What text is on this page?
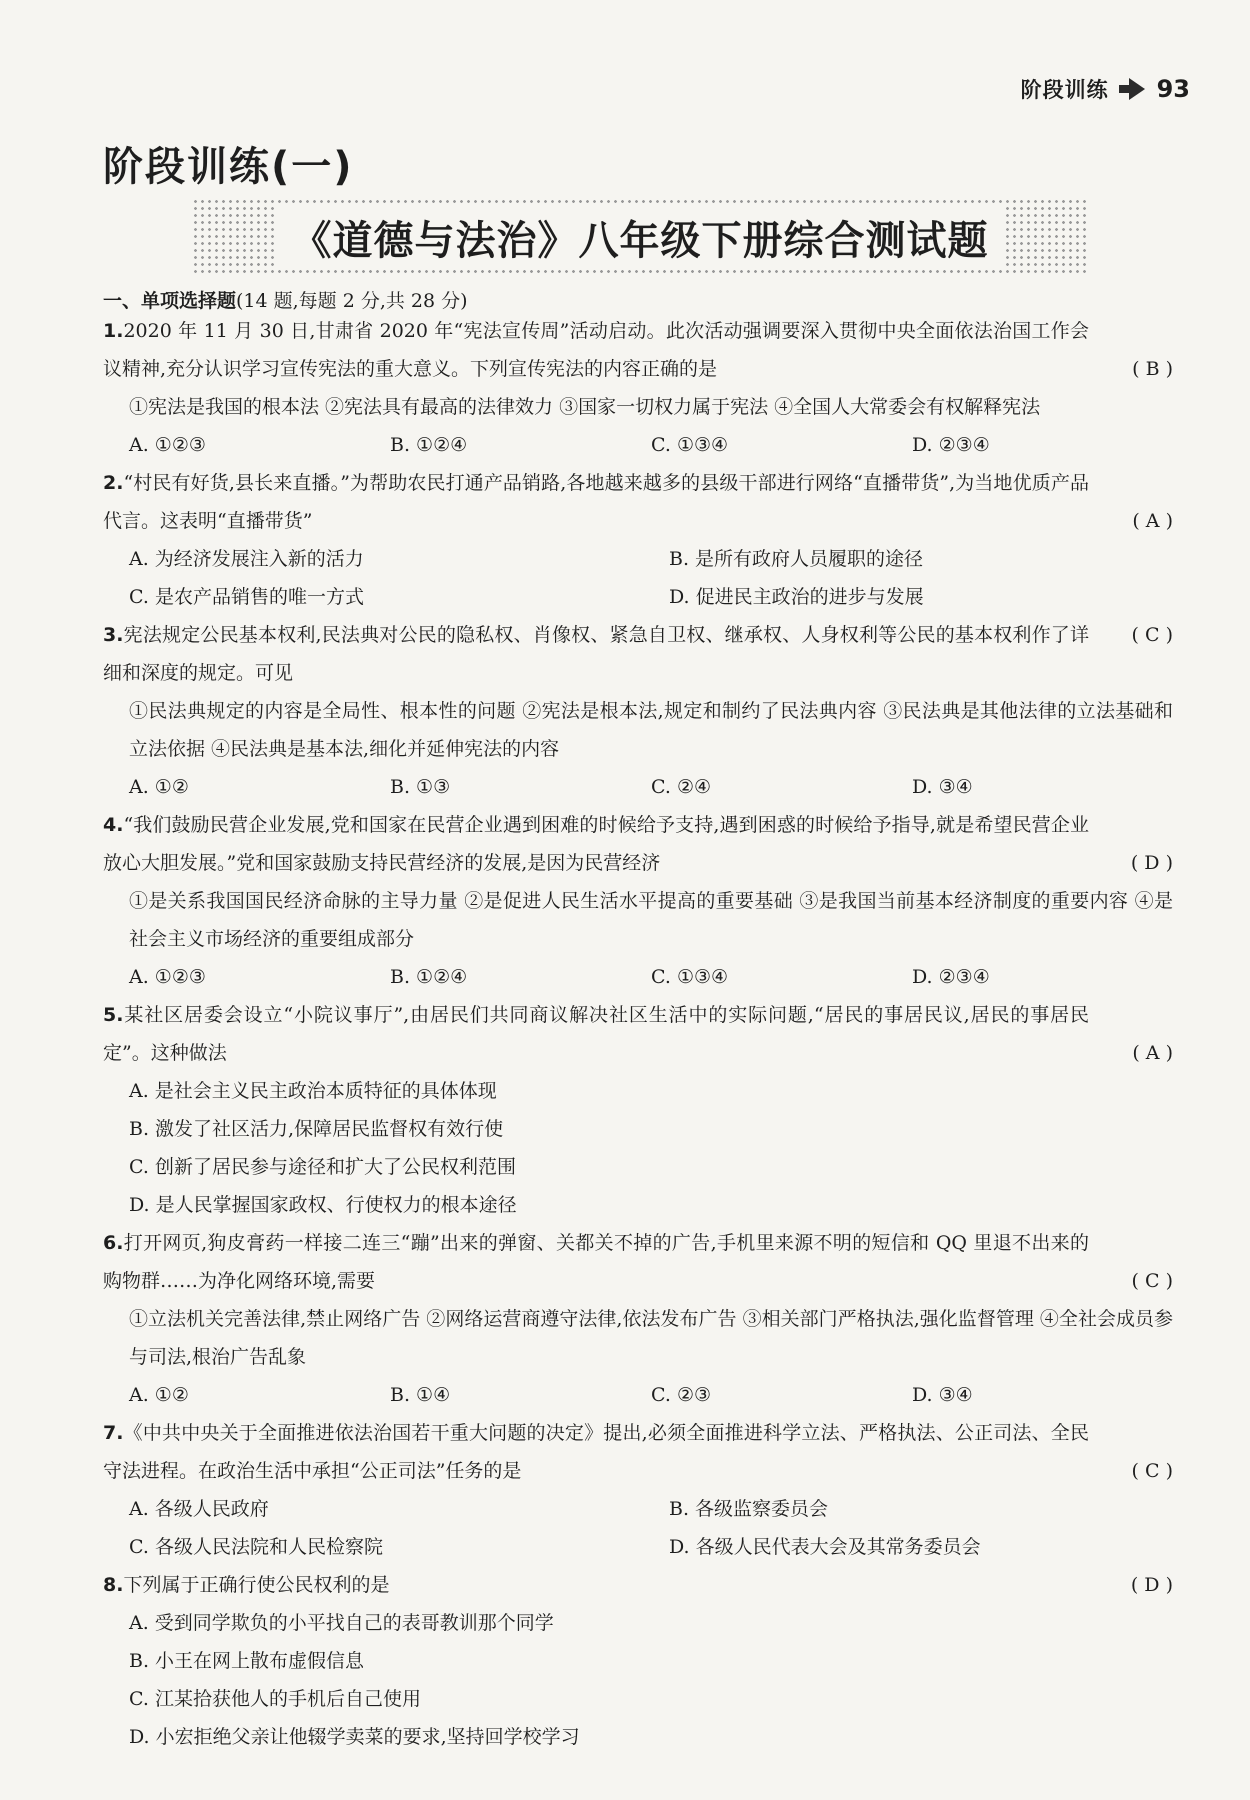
阶段训练 93
阶段训练(一)
《道德与法治》八年级下册综合测试题
一、单项选择题(14 题,每题 2 分,共 28 分)
1.2020 年 11 月 30 日,甘肃省 2020 年“宪法宣传周”活动启动。此次活动强调要深入贯彻中央全面依法治国工作会议精神,充分认识学习宣传宪法的重大意义。下列宣传宪法的内容正确的是	( B )
①宪法是我国的根本法 ②宪法具有最高的法律效力 ③国家一切权力属于宪法 ④全国人大常委会有权解释宪法
A. ①②③	B. ①②④	C. ①③④	D. ②③④
2.“村民有好货,县长来直播。”为帮助农民打通产品销路,各地越来越多的县级干部进行网络“直播带货”,为当地优质产品代言。这表明“直播带货”	( A )
A. 为经济发展注入新的活力	B. 是所有政府人员履职的途径
C. 是农产品销售的唯一方式	D. 促进民主政治的进步与发展
3.宪法规定公民基本权利,民法典对公民的隐私权、肖像权、紧急自卫权、继承权、人身权利等公民的基本权利作了详细和深度的规定。可见
( C )
①民法典规定的内容是全局性、根本性的问题 ②宪法是根本法,规定和制约了民法典内容 ③民法典是其他法律的立法基础和立法依据 ④民法典是基本法,细化并延伸宪法的内容
A. ①②	B. ①③	C. ②④	D. ③④
4.“我们鼓励民营企业发展,党和国家在民营企业遇到困难的时候给予支持,遇到困惑的时候给予指导,就是希望民营企业放心大胆发展。”党和国家鼓励支持民营经济的发展,是因为民营经济	( D )
①是关系我国国民经济命脉的主导力量 ②是促进人民生活水平提高的重要基础 ③是我国当前基本经济制度的重要内容 ④是社会主义市场经济的重要组成部分
A. ①②③	B. ①②④	C. ①③④	D. ②③④
5.某社区居委会设立“小院议事厅”,由居民们共同商议解决社区生活中的实际问题,“居民的事居民议,居民的事居民定”。这种做法	( A )
A. 是社会主义民主政治本质特征的具体体现
B. 激发了社区活力,保障居民监督权有效行使
C. 创新了居民参与途径和扩大了公民权利范围
D. 是人民掌握国家政权、行使权力的根本途径
6.打开网页,狗皮膏药一样接二连三“蹦”出来的弹窗、关都关不掉的广告,手机里来源不明的短信和 QQ 里退不出来的购物群……为净化网络环境,需要	( C )
①立法机关完善法律,禁止网络广告 ②网络运营商遵守法律,依法发布广告 ③相关部门严格执法,强化监督管理 ④全社会成员参与司法,根治广告乱象
A. ①②	B. ①④	C. ②③	D. ③④
7.《中共中央关于全面推进依法治国若干重大问题的决定》提出,必须全面推进科学立法、严格执法、公正司法、全民守法进程。在政治生活中承担“公正司法”任务的是	( C )
A. 各级人民政府	B. 各级监察委员会
C. 各级人民法院和人民检察院	D. 各级人民代表大会及其常务委员会
8.下列属于正确行使公民权利的是	( D )
A. 受到同学欺负的小平找自己的表哥教训那个同学
B. 小王在网上散布虚假信息
C. 江某拾获他人的手机后自己使用
D. 小宏拒绝父亲让他辍学卖菜的要求,坚持回学校学习
